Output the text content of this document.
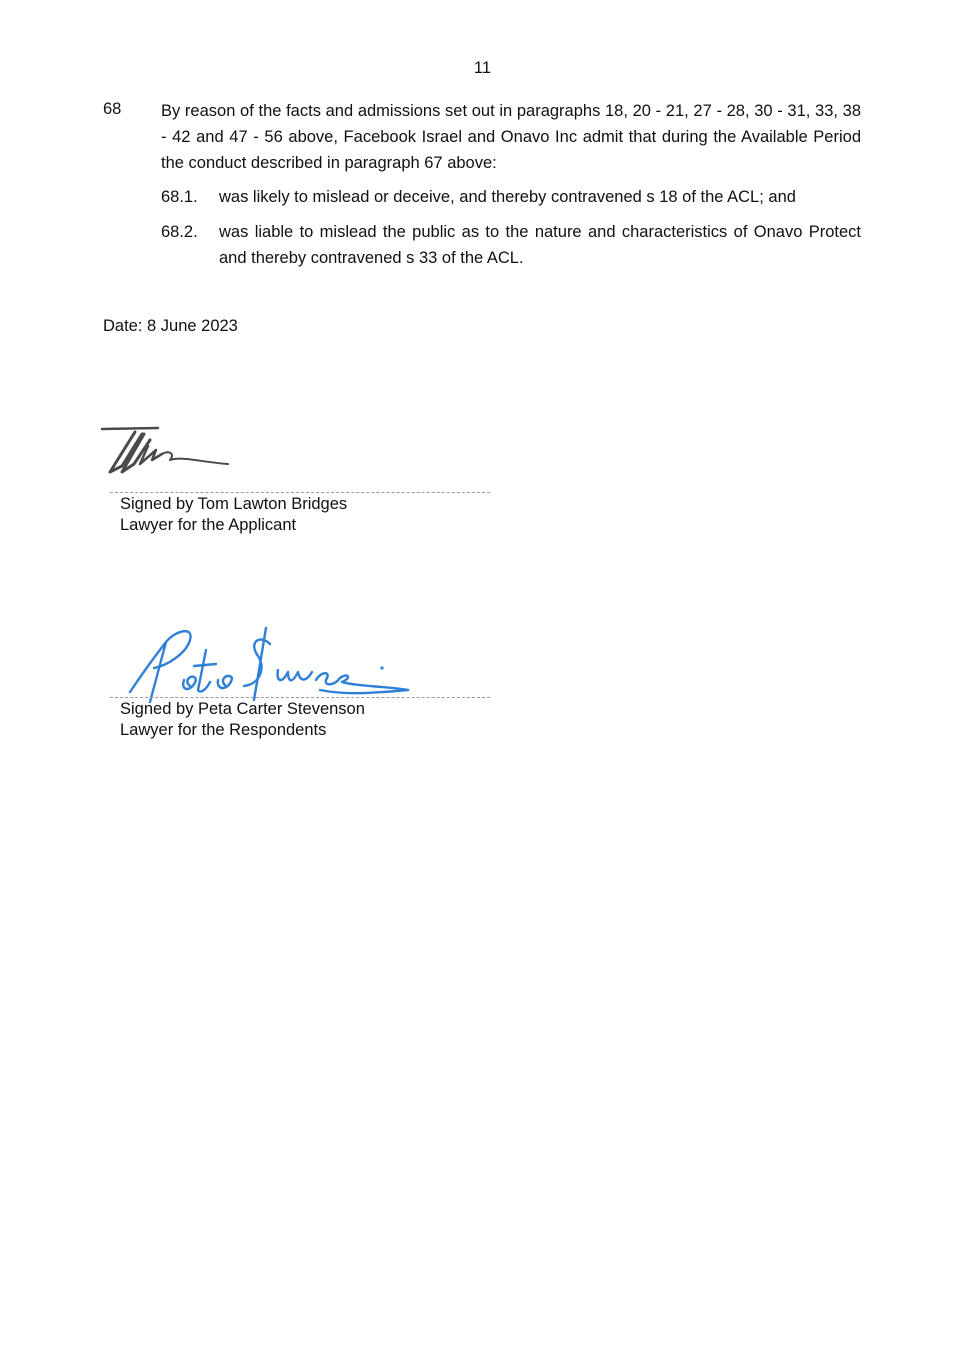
11
68 By reason of the facts and admissions set out in paragraphs 18, 20 - 21, 27 - 28, 30 - 31, 33, 38 - 42 and 47 - 56 above, Facebook Israel and Onavo Inc admit that during the Available Period the conduct described in paragraph 67 above:
68.1. was likely to mislead or deceive, and thereby contravened s 18 of the ACL; and
68.2. was liable to mislead the public as to the nature and characteristics of Onavo Protect and thereby contravened s 33 of the ACL.
Date: 8 June 2023
Signed by Tom Lawton Bridges
Lawyer for the Applicant
Signed by Peta Carter Stevenson
Lawyer for the Respondents
